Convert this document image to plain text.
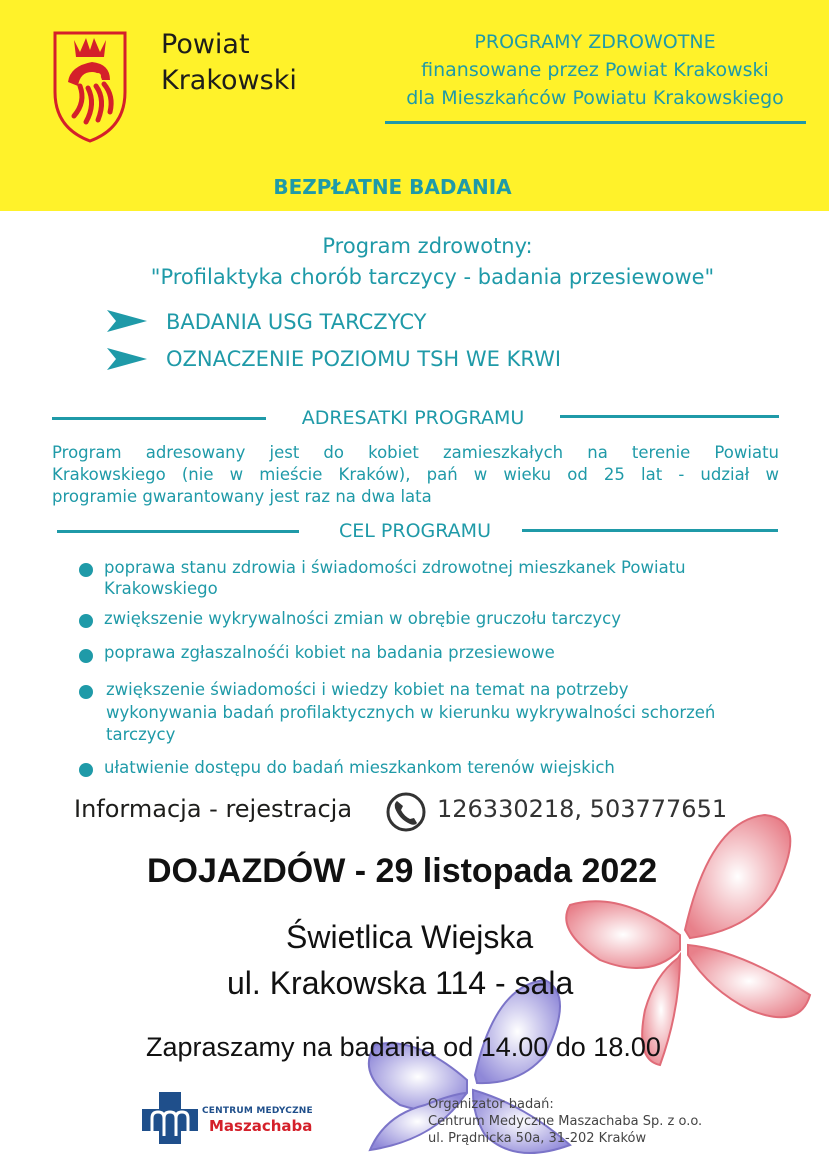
Powiat
Krakowski
PROGRAMY ZDROWOTNE
finansowane przez Powiat Krakowski
dla Mieszkańców Powiatu Krakowskiego
BEZPŁATNE BADANIA
Program zdrowotny:
"Profilaktyka chorób tarczycy - badania przesiewowe"
BADANIA USG TARCZYCY
OZNACZENIE POZIOMU TSH WE KRWI
ADRESATKI PROGRAMU
Program adresowany jest do kobiet zamieszkałych na terenie Powiatu
Krakowskiego (nie w mieście Kraków), pań w wieku od 25 lat - udział w
programie gwarantowany jest raz na dwa lata
CEL PROGRAMU
poprawa stanu zdrowia i świadomości zdrowotnej mieszkanek Powiatu
Krakowskiego
zwiększenie wykrywalności zmian w obrębie gruczołu tarczycy
poprawa zgłaszalnośći kobiet na badania przesiewowe
zwiększenie świadomości i wiedzy kobiet na temat na potrzeby
wykonywania badań profilaktycznych w kierunku wykrywalności schorzeń
tarczycy
ułatwienie dostępu do badań mieszkankom terenów wiejskich
Informacja - rejestracja	126330218, 503777651
DOJAZDÓW - 29 listopada 2022
Świetlica Wiejska
ul. Krakowska 114 - sala
Zapraszamy na badania od 14.00 do 18.00
CENTRUM MEDYCZNE
Maszachaba
Organizator badań:
Centrum Medyczne Maszachaba Sp. z o.o.
ul. Prądnicka 50a, 31-202 Kraków
